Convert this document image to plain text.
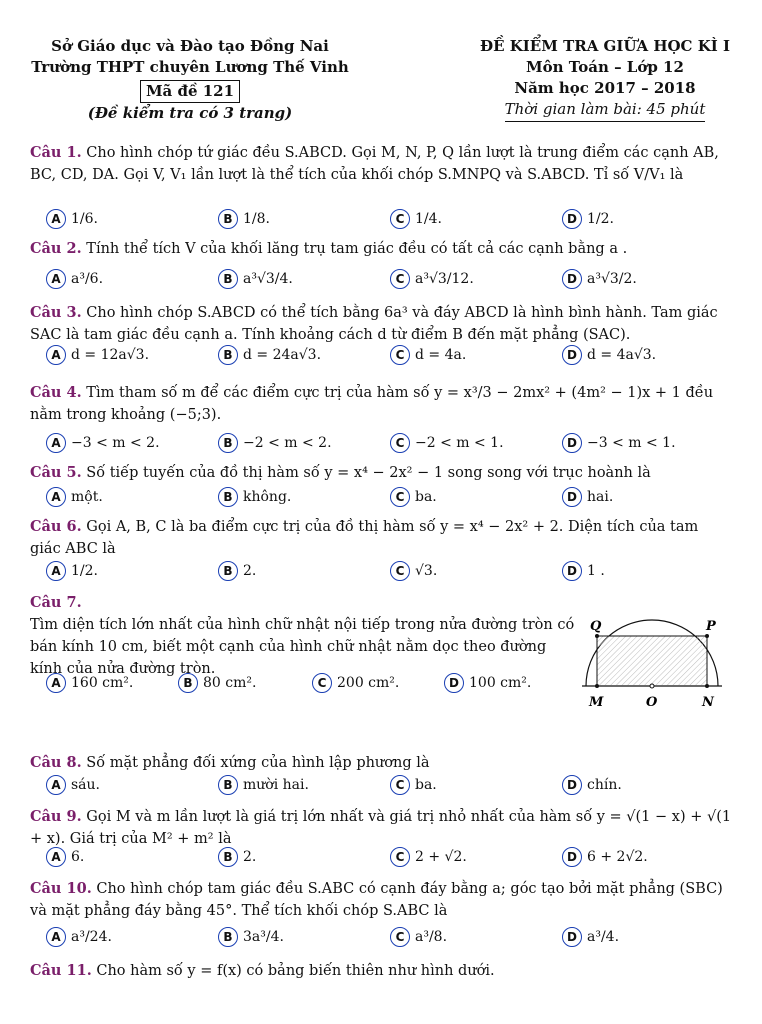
Sở Giáo dục và Đào tạo Đồng Nai
Trường THPT chuyên Lương Thế Vinh
Mã đề 121
(Đề kiểm tra có 3 trang)
ĐỀ KIỂM TRA GIỮA HỌC KÌ I
Môn Toán – Lớp 12
Năm học 2017 – 2018
Thời gian làm bài: 45 phút
Câu 1. Cho hình chóp tứ giác đều S.ABCD. Gọi M, N, P, Q lần lượt là trung điểm các cạnh AB, BC, CD, DA. Gọi V, V₁ lần lượt là thể tích của khối chóp S.MNPQ và S.ABCD. Tỉ số V/V₁ là
A 1/6.	B 1/8.	C 1/4.	D 1/2.
Câu 2. Tính thể tích V của khối lăng trụ tam giác đều có tất cả các cạnh bằng a .
A a³/6.	B a³√3/4.	C a³√3/12.	D a³√3/2.
Câu 3. Cho hình chóp S.ABCD có thể tích bằng 6a³ và đáy ABCD là hình bình hành. Tam giác SAC là tam giác đều cạnh a. Tính khoảng cách d từ điểm B đến mặt phẳng (SAC).
A d = 12a√3.	B d = 24a√3.	C d = 4a.	D d = 4a√3.
Câu 4. Tìm tham số m để các điểm cực trị của hàm số y = x³/3 − 2mx² + (4m² − 1)x + 1 đều nằm trong khoảng (−5;3).
A −3 < m < 2.	B −2 < m < 2.	C −2 < m < 1.	D −3 < m < 1.
Câu 5. Số tiếp tuyến của đồ thị hàm số y = x⁴ − 2x² − 1 song song với trục hoành là
A một.	B không.	C ba.	D hai.
Câu 6. Gọi A, B, C là ba điểm cực trị của đồ thị hàm số y = x⁴ − 2x² + 2. Diện tích của tam giác ABC là
A 1/2.	B 2.	C √3.	D 1 .
Câu 7.
Tìm diện tích lớn nhất của hình chữ nhật nội tiếp trong nửa đường tròn có bán kính 10 cm, biết một cạnh của hình chữ nhật nằm dọc theo đường kính của nửa đường tròn.
A 160 cm².	B 80 cm².	C 200 cm².	D 100 cm².
Q	P
M	O	N
Câu 8. Số mặt phẳng đối xứng của hình lập phương là
A sáu.	B mười hai.	C ba.	D chín.
Câu 9. Gọi M và m lần lượt là giá trị lớn nhất và giá trị nhỏ nhất của hàm số y = √(1 − x) + √(1 + x). Giá trị của M² + m² là
A 6.	B 2.	C 2 + √2.	D 6 + 2√2.
Câu 10. Cho hình chóp tam giác đều S.ABC có cạnh đáy bằng a; góc tạo bởi mặt phẳng (SBC) và mặt phẳng đáy bằng 45°. Thể tích khối chóp S.ABC là
A a³/24.	B 3a³/4.	C a³/8.	D a³/4.
Câu 11. Cho hàm số y = f(x) có bảng biến thiên như hình dưới.
